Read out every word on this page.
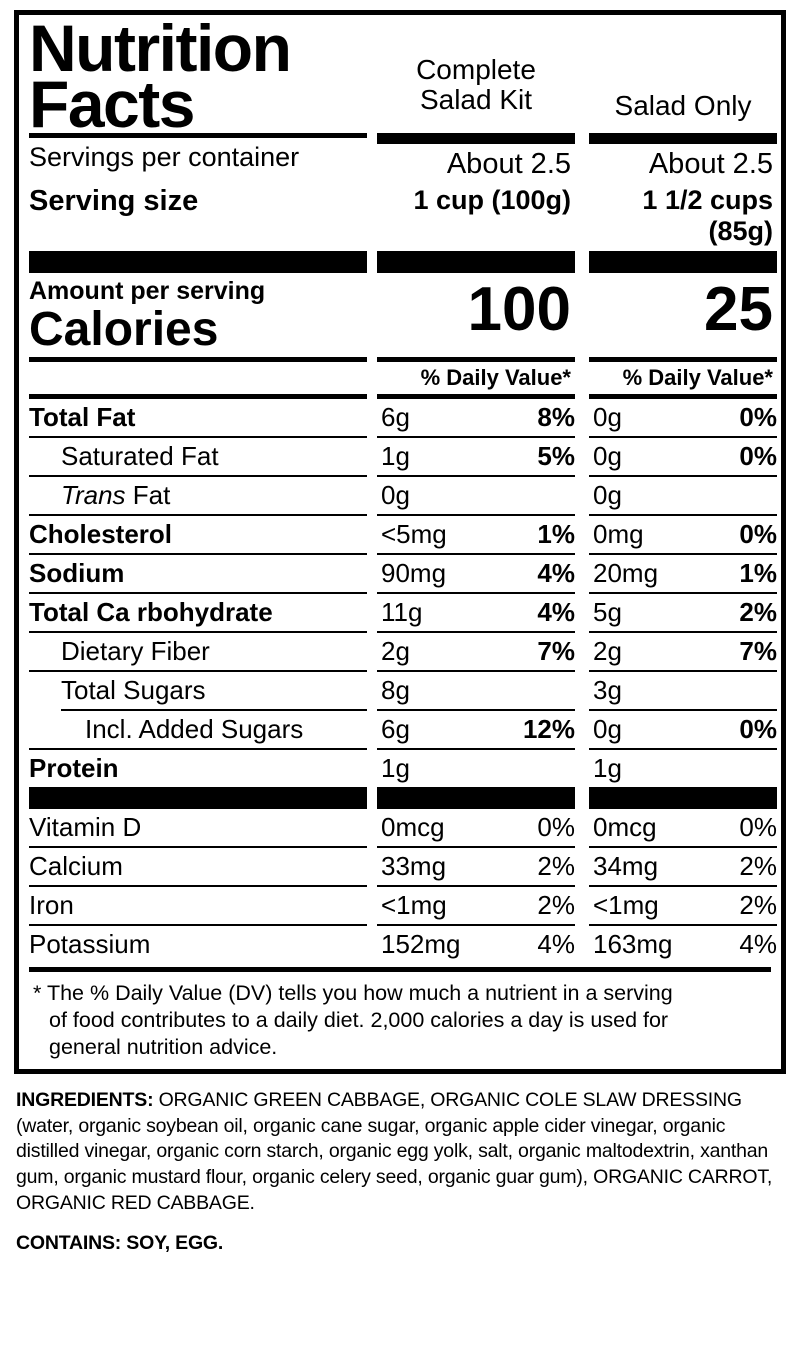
Nutrition
Facts	Complete
Salad Kit	Salad Only
Servings per container	About 2.5	About 2.5
Serving size	1 cup (100g)	1 1/2 cups (85g)
Amount per serving
Calories	100	25
% Daily Value*	% Daily Value*
Total Fat	6g	8% 0g	0%
Saturated Fat	1g	5% 0g	0%
Trans Fat	0g	0g
Cholesterol	<5mg	1% 0mg	0%
Sodium	90mg	4% 20mg	1%
Total Ca rbohydrate	11g	4% 5g	2%
Dietary Fiber	2g	7% 2g	7%
Total Sugars	8g	3g
Incl. Added Sugars	6g	12% 0g	0%
Protein	1g	1g
Vitamin D	0mcg	0% 0mcg	0%
Calcium	33mg	2% 34mg	2%
Iron	<1mg	2% <1mg	2%
Potassium	152mg	4% 163mg	4%
* The % Daily Value (DV) tells you how much a nutrient in a serving
of food contributes to a daily diet. 2,000 calories a day is used for
general nutrition advice.
INGREDIENTS: ORGANIC GREEN CABBAGE, ORGANIC COLE SLAW DRESSING (water, organic soybean oil, organic cane sugar, organic apple cider vinegar, organic distilled vinegar, organic corn starch, organic egg yolk, salt, organic maltodextrin, xanthan gum, organic mustard flour, organic celery seed, organic guar gum), ORGANIC CARROT, ORGANIC RED CABBAGE.
CONTAINS: SOY, EGG.
